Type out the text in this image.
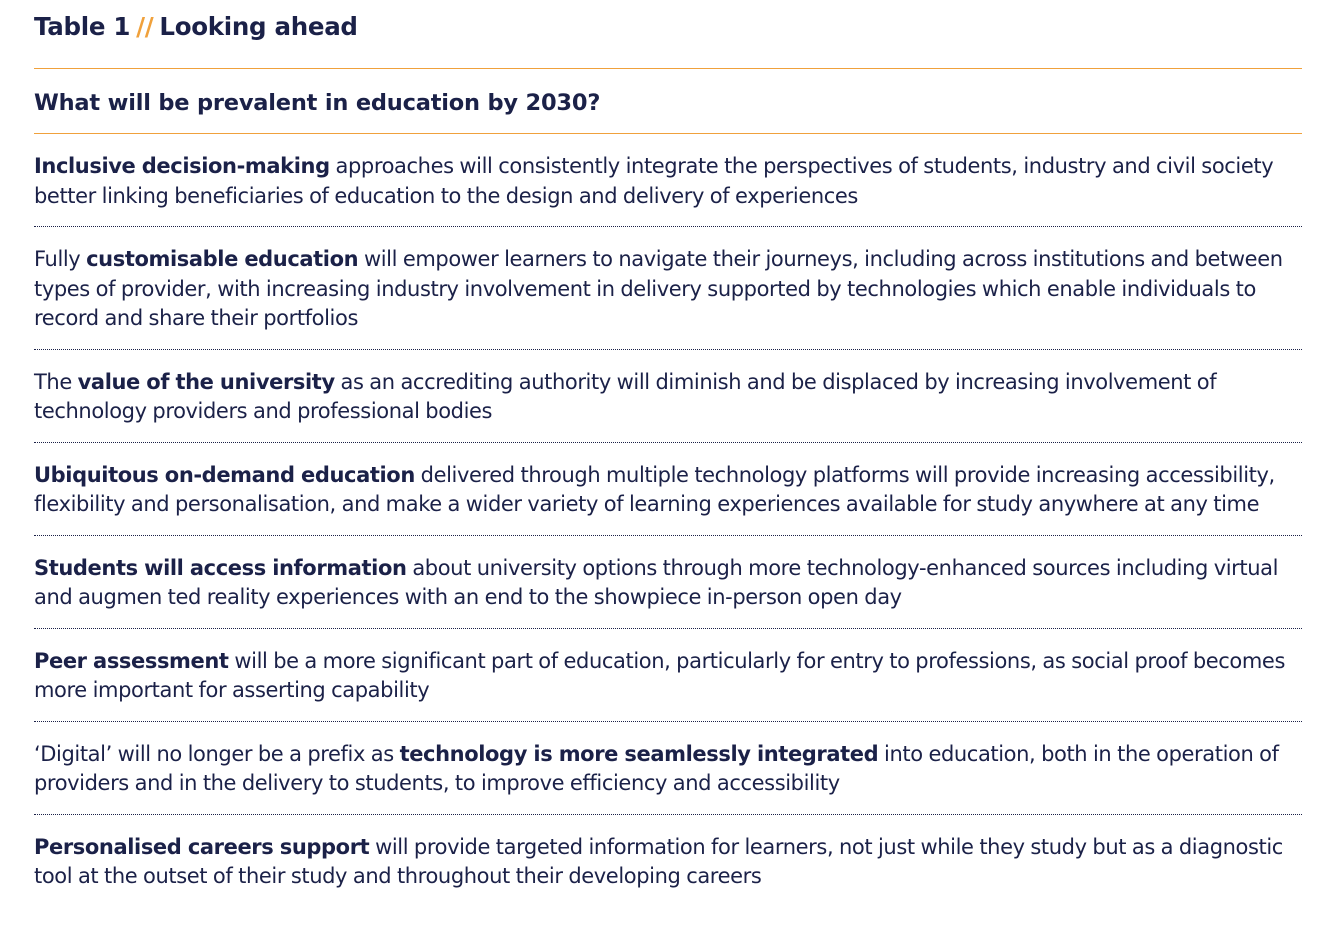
Table 1 // Looking ahead
What will be prevalent in education by 2030?

Inclusive decision-making approaches will consistently integrate the perspectives of students, industry and civil society better linking beneficiaries of education to the design and delivery of experiences

Fully customisable education will empower learners to navigate their journeys, including across institutions and between types of provider, with increasing industry involvement in delivery supported by technologies which enable individuals to record and share their portfolios

The value of the university as an accrediting authority will diminish and be displaced by increasing involvement of technology providers and professional bodies

Ubiquitous on-demand education delivered through multiple technology platforms will provide increasing accessibility, flexibility and personalisation, and make a wider variety of learning experiences available for study anywhere at any time

Students will access information about university options through more technology-enhanced sources including virtual and augmen ted reality experiences with an end to the showpiece in-person open day

Peer assessment will be a more significant part of education, particularly for entry to professions, as social proof becomes more important for asserting capability

‘Digital’ will no longer be a prefix as technology is more seamlessly integrated into education, both in the operation of providers and in the delivery to students, to improve efficiency and accessibility

Personalised careers support will provide targeted information for learners, not just while they study but as a diagnostic tool at the outset of their study and throughout their developing careers
